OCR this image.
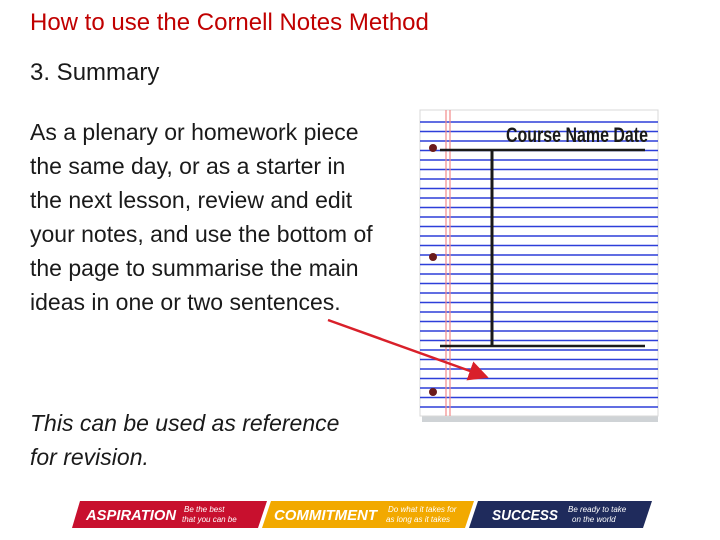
How to use the Cornell Notes Method
3. Summary

As a plenary or homework piece the same day, or as a starter in the next lesson, review and edit your notes, and use the bottom of the page to summarise the main ideas in one or two sentences.

This can be used as reference for revision.

Course Name Date
ASPIRATION Be the best
that you can be COMMITMENT Do what it takes for
as long as it takes	SUCCESS Be ready to take
on the world
